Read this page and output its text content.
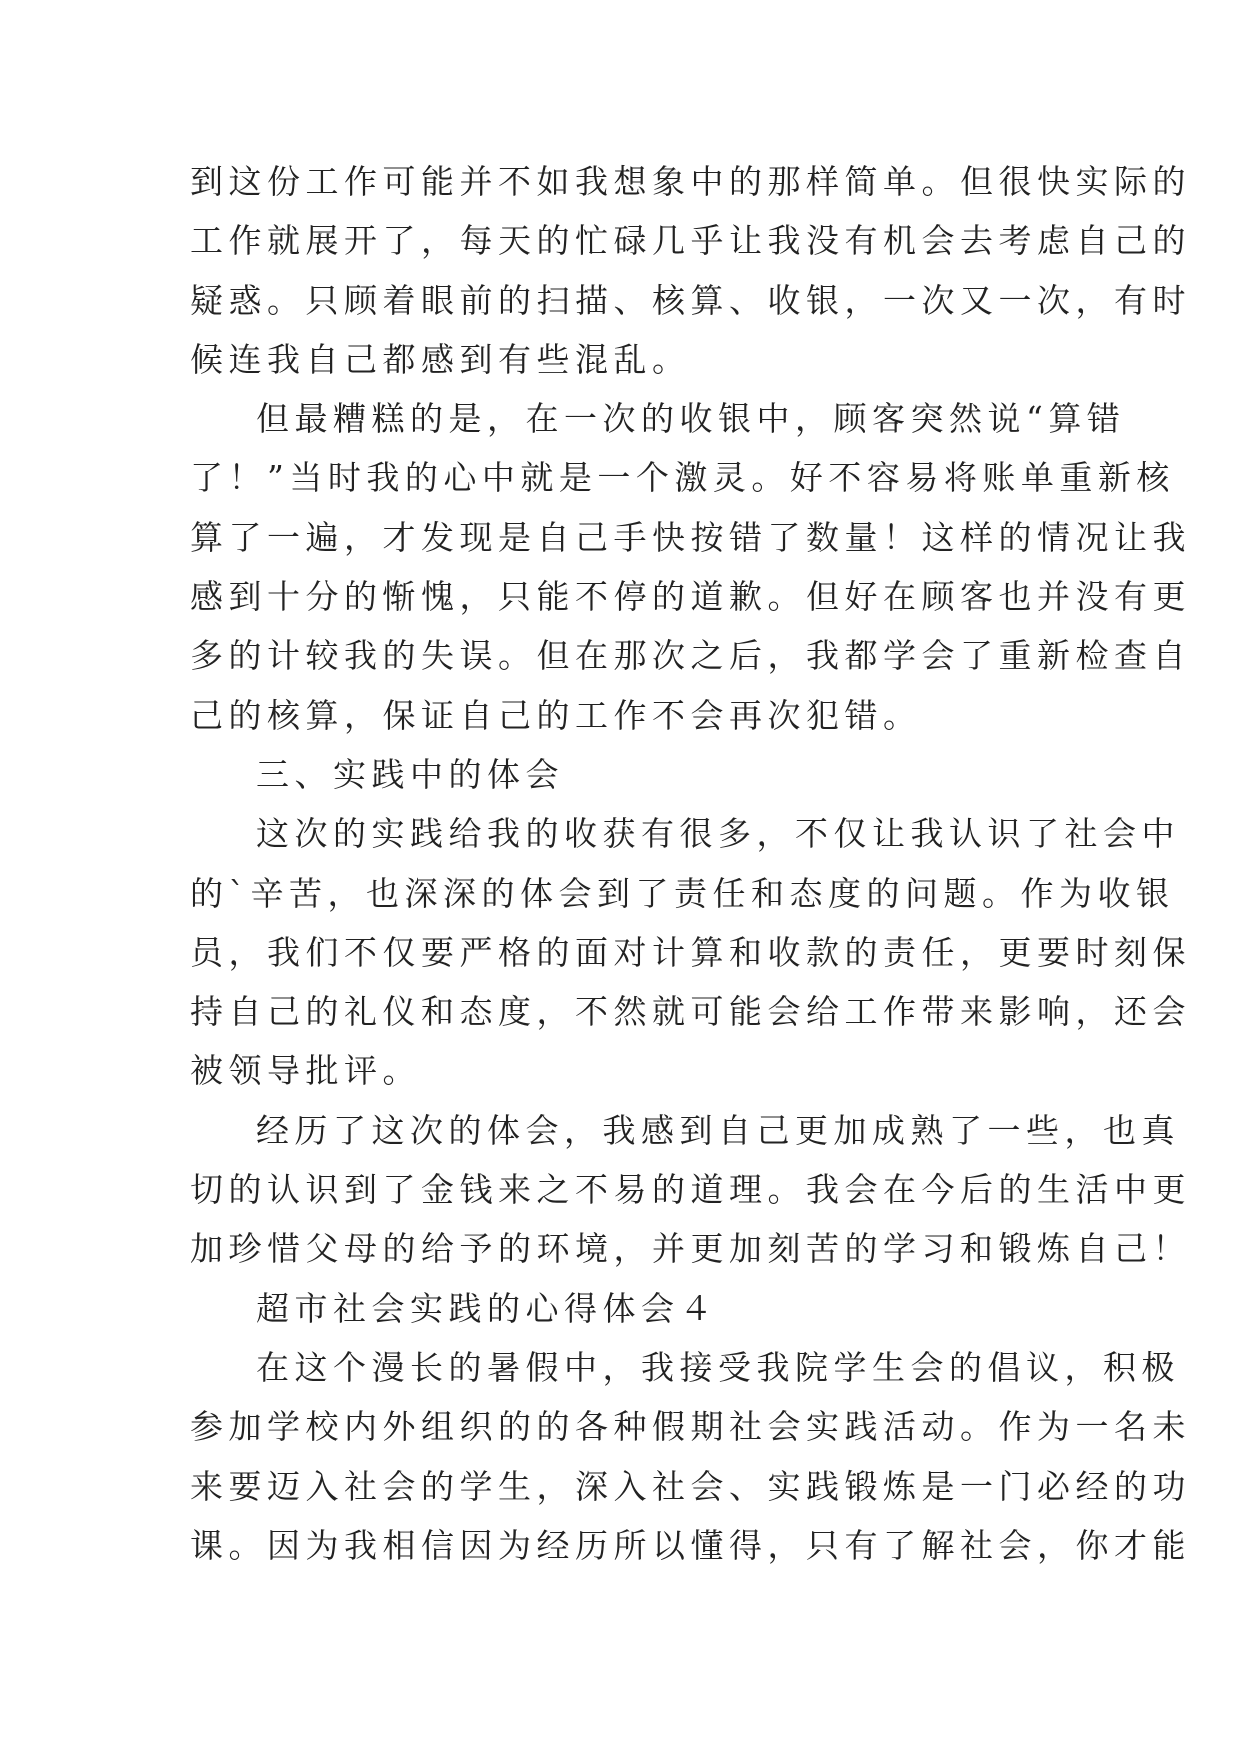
到这份工作可能并不如我想象中的那样简单。但很快实际的
工作就展开了，每天的忙碌几乎让我没有机会去考虑自己的
疑惑。只顾着眼前的扫描、核算、收银，一次又一次，有时
候连我自己都感到有些混乱。

但最糟糕的是，在一次的收银中，顾客突然说“算错
了！”当时我的心中就是一个激灵。好不容易将账单重新核
算了一遍，才发现是自己手快按错了数量！这样的情况让我
感到十分的惭愧，只能不停的道歉。但好在顾客也并没有更
多的计较我的失误。但在那次之后，我都学会了重新检查自
己的核算，保证自己的工作不会再次犯错。

三、实践中的体会

这次的实践给我的收获有很多，不仅让我认识了社会中
的`辛苦，也深深的体会到了责任和态度的问题。作为收银
员，我们不仅要严格的面对计算和收款的责任，更要时刻保
持自己的礼仪和态度，不然就可能会给工作带来影响，还会
被领导批评。

经历了这次的体会，我感到自己更加成熟了一些，也真
切的认识到了金钱来之不易的道理。我会在今后的生活中更
加珍惜父母的给予的环境，并更加刻苦的学习和锻炼自己！

超市社会实践的心得体会４

在这个漫长的暑假中，我接受我院学生会的倡议，积极
参加学校内外组织的的各种假期社会实践活动。作为一名未
来要迈入社会的学生，深入社会、实践锻炼是一门必经的功
课。因为我相信因为经历所以懂得，只有了解社会，你才能
